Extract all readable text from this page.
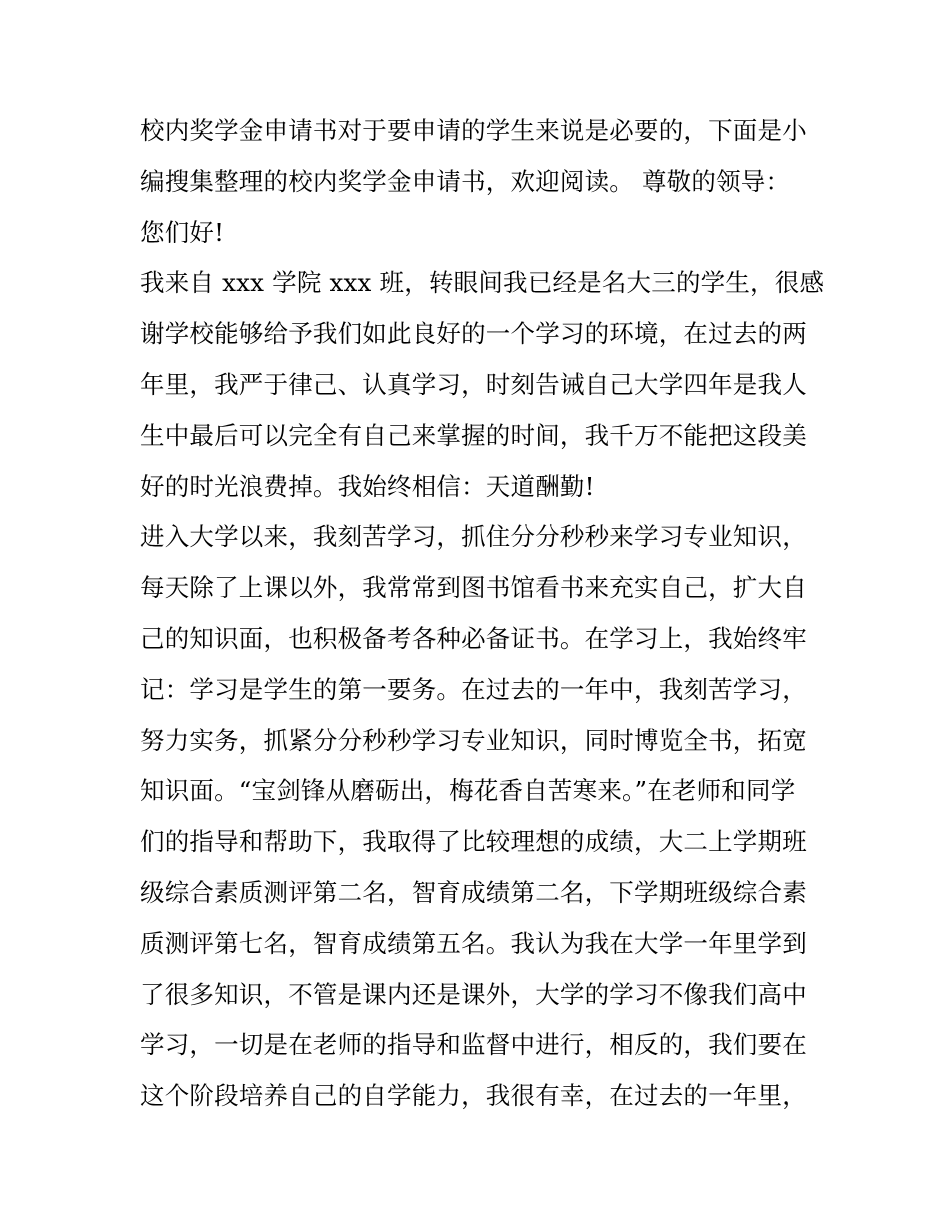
校内奖学金申请书对于要申请的学生来说是必要的，下面是小
编搜集整理的校内奖学金申请书，欢迎阅读。 尊敬的领导：
您们好!
我来自 xxx 学院 xxx 班，转眼间我已经是名大三的学生，很感
谢学校能够给予我们如此良好的一个学习的环境，在过去的两
年里，我严于律己、认真学习，时刻告诫自己大学四年是我人
生中最后可以完全有自己来掌握的时间，我千万不能把这段美
好的时光浪费掉。我始终相信：天道酬勤!
进入大学以来，我刻苦学习，抓住分分秒秒来学习专业知识，
每天除了上课以外，我常常到图书馆看书来充实自己，扩大自
己的知识面，也积极备考各种必备证书。在学习上，我始终牢
记：学习是学生的第一要务。在过去的一年中，我刻苦学习，
努力实务，抓紧分分秒秒学习专业知识，同时博览全书，拓宽
知识面。“宝剑锋从磨砺出，梅花香自苦寒来。”在老师和同学
们的指导和帮助下，我取得了比较理想的成绩，大二上学期班
级综合素质测评第二名，智育成绩第二名，下学期班级综合素
质测评第七名，智育成绩第五名。我认为我在大学一年里学到
了很多知识，不管是课内还是课外，大学的学习不像我们高中
学习，一切是在老师的指导和监督中进行，相反的，我们要在
这个阶段培养自己的自学能力，我很有幸，在过去的一年里，
